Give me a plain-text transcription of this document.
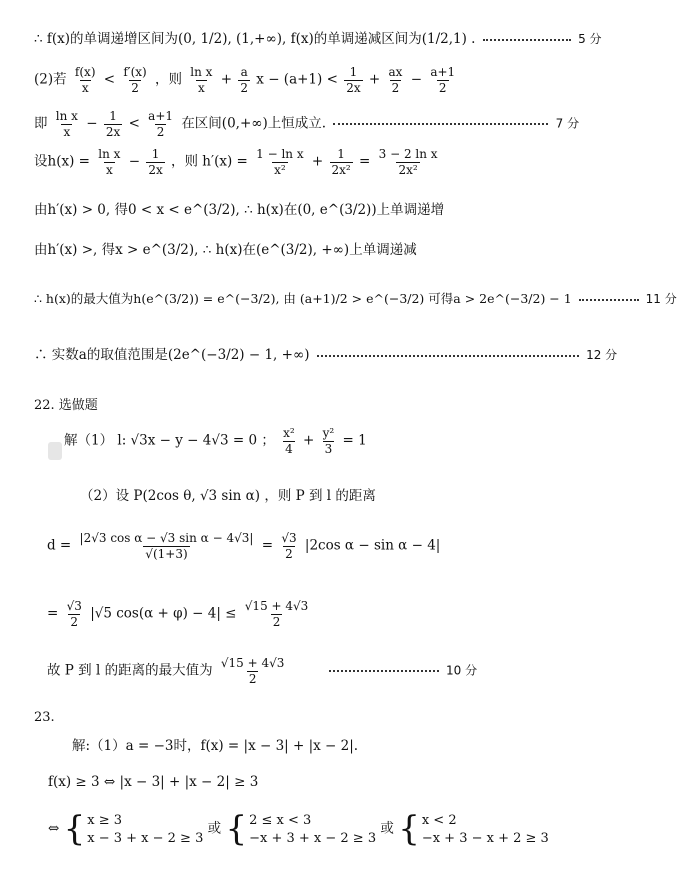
∴ f(x)的单调递增区间为(0, 1/2), (1,+∞), f(x)的单调递减区间为(1/2,1) .	5 分
(2)若 $\frac{f(x)}{x} < \frac{f'(x)}{2}$ ，则 $\frac{\text{ln x}}{x} + \frac{a}{2}$ $x - (a+1) < \frac{1}{2x} + \frac{ax}{2} - \frac{a+1}{2}$
即 $\frac{\text{ln x}}{x} - \frac{1}{2x} < \frac{a+1}{2}$ 在区间(0,+∞)上恒成立.	7 分
设$h(x) = \frac{\text{ln x}}{x} - \frac{1}{2x}$ ，则 $h'(x) = \frac{\text{1 − ln x}}{\text{x²}} + \frac{1}{\text{2x²}} = \frac{\text{3 − 2 ln x}}{\text{2x²}}$
由h′(x) > 0, 得0 < x < e^(3/2), ∴ h(x)在(0, e^(3/2))上单调递增
由h′(x) >, 得x > e^(3/2), ∴ h(x)在(e^(3/2), +∞)上单调递减
∴ h(x)的最大值为h(e^(3/2)) = e^(−3/2), 由 (a+1)/2 > e^(−3/2) 可得a > 2e^(−3/2) − 1	11 分
∴ 实数a的取值范围是(2e^(−3/2) − 1, +∞)	12 分
22. 选做题
解（1） l: √3x − y − 4√3 = 0 ； $\frac{\text{x²}}{4} + \frac{\text{y²}}{3} = 1$
（2）设 P(2cos θ, √3 sin α) ，则 P 到 l 的距离
$d = \frac{\text{|2√3 cos α − √3 sin α − 4√3|}}{√(1+3)} = \frac{√3}{2} |2\cos$ α − sin α − 4|
= $\frac{√3}{2} |√5$ $\cos(\alpha + \varphi) - 4| \le \frac{√15 + 4√3}{2}$
故 P 到 l 的距离的最大值为 $\frac{√15 + 4√3}{2}$	10 分
23.
解:（1）a = −3时，f(x) = |x − 3| + |x − 2|.
f(x) ≥ 3 ⇔ |x − 3| + |x − 2| ≥ 3
⇔ { x ≥ 3
x − 3 + x − 2 ≥ 3
或 { 2 ≤ x < 3
−x + 3 + x − 2 ≥ 3
或 { x < 2
−x + 3 − x + 2 ≥ 3
